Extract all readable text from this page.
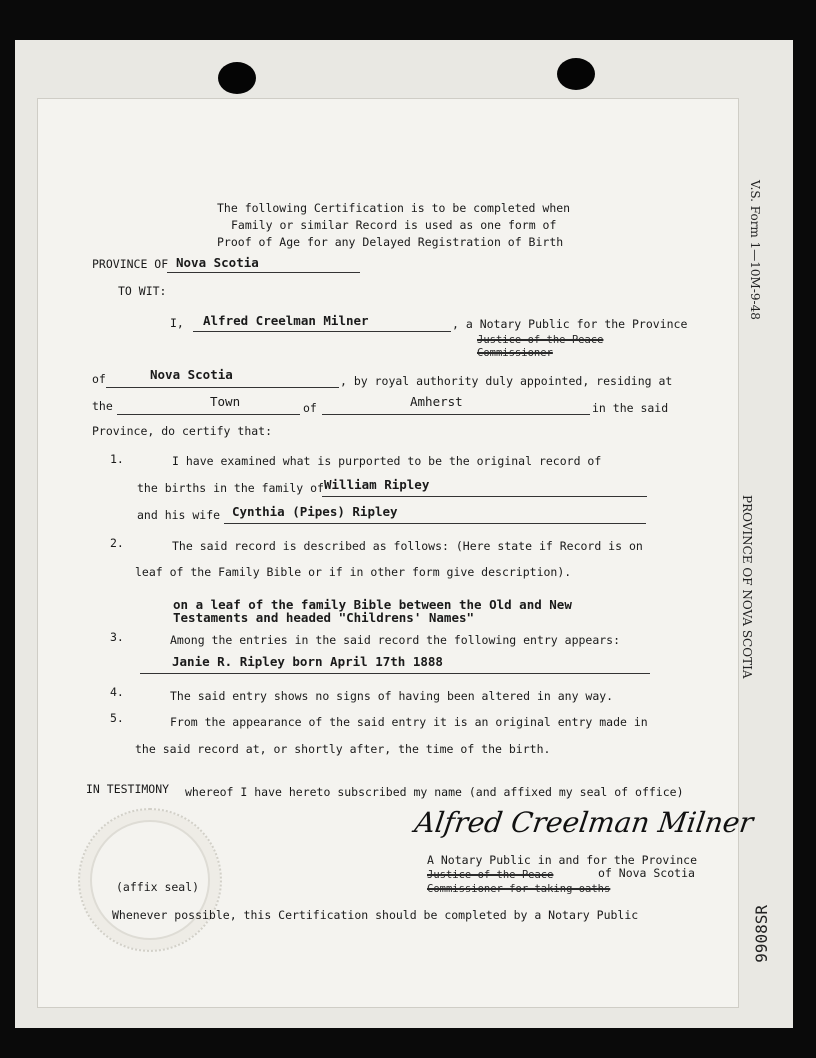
V.S. Form 1—10M-9-48
PROVINCE OF NOVA SCOTIA
9908SR
The following Certification is to be completed when
Family or similar Record is used as one form of
Proof of Age for any Delayed Registration of Birth
PROVINCE OF Nova Scotia
TO WIT:
I, Alfred Creelman Milner	, a Notary Public for the Province
Justice of the Peace
Commissioner
of	Nova Scotia	, by royal authority duly appointed, residing at
the	Town	of	Amherst	in the said
Province, do certify that:
1.	I have examined what is purported to be the original record of
the births in the family of William Ripley
and his wife Cynthia (Pipes) Ripley
2.	The said record is described as follows: (Here state if Record is on
leaf of the Family Bible or if in other form give description).
on a leaf of the family Bible between the Old and New
Testaments and headed "Childrens' Names"
3.	Among the entries in the said record the following entry appears:
Janie R. Ripley born April 17th 1888
4.	The said entry shows no signs of having been altered in any way.
5.	From the appearance of the said entry it is an original entry made in
the said record at, or shortly after, the time of the birth.
IN TESTIMONY whereof I have hereto subscribed my name (and affixed my seal of office)
Alfred Creelman Milner
A Notary Public in and for the Province
of Nova Scotia
Justice of the Peace
Commissioner for taking oaths
(affix seal)
Whenever possible, this Certification should be completed by a Notary Public
